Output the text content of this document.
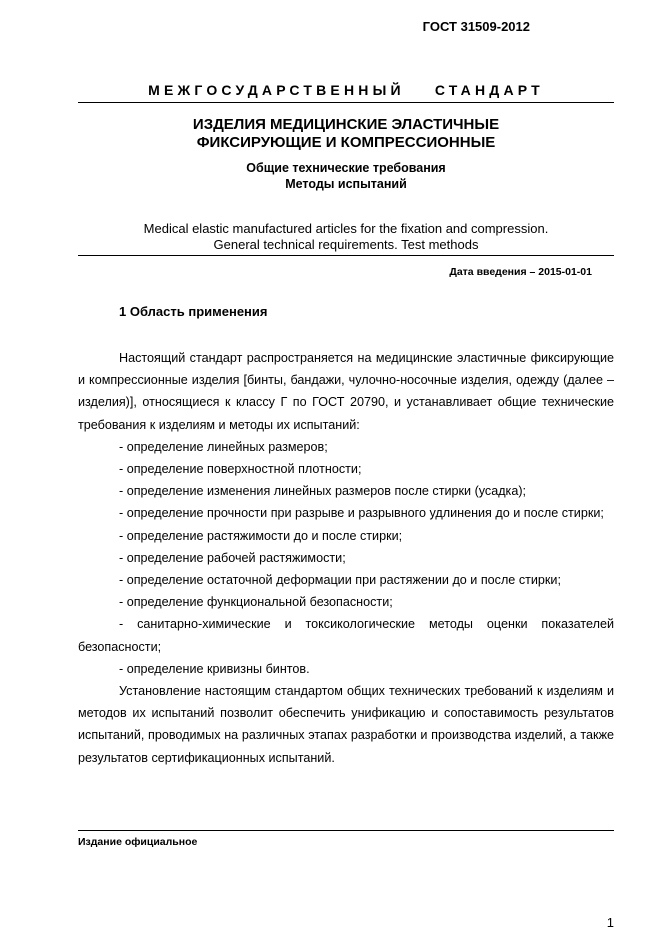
ГОСТ 31509-2012
МЕЖГОСУДАРСТВЕННЫЙ СТАНДАРТ
ИЗДЕЛИЯ МЕДИЦИНСКИЕ ЭЛАСТИЧНЫЕ
ФИКСИРУЮЩИЕ И КОМПРЕССИОННЫЕ
Общие технические требования
Методы испытаний
Medical elastic manufactured articles for the fixation and compression.
General technical requirements. Test methods
Дата введения – 2015-01-01
1 Область применения

Настоящий стандарт распространяется на медицинские эластичные фиксирующие и компрессионные изделия [бинты, бандажи, чулочно-носочные изделия, одежду (далее – изделия)], относящиеся к классу Г по ГОСТ 20790, и устанавливает общие технические требования к изделиям и методы их испытаний:

- определение линейных размеров;
- определение поверхностной плотности;
- определение изменения линейных размеров после стирки (усадка);
- определение прочности при разрыве и разрывного удлинения до и после стирки;
- определение растяжимости до и после стирки;
- определение рабочей растяжимости;
- определение остаточной деформации при растяжении до и после стирки;
- определение функциональной безопасности;
- санитарно-химические и токсикологические методы оценки показателей безопасности;
- определение кривизны бинтов.

Установление настоящим стандартом общих технических требований к изделиям и методов их испытаний позволит обеспечить унификацию и сопоставимость результатов испытаний, проводимых на различных этапах разработки и производства изделий, а также результатов сертификационных испытаний.

Издание официальное
1
